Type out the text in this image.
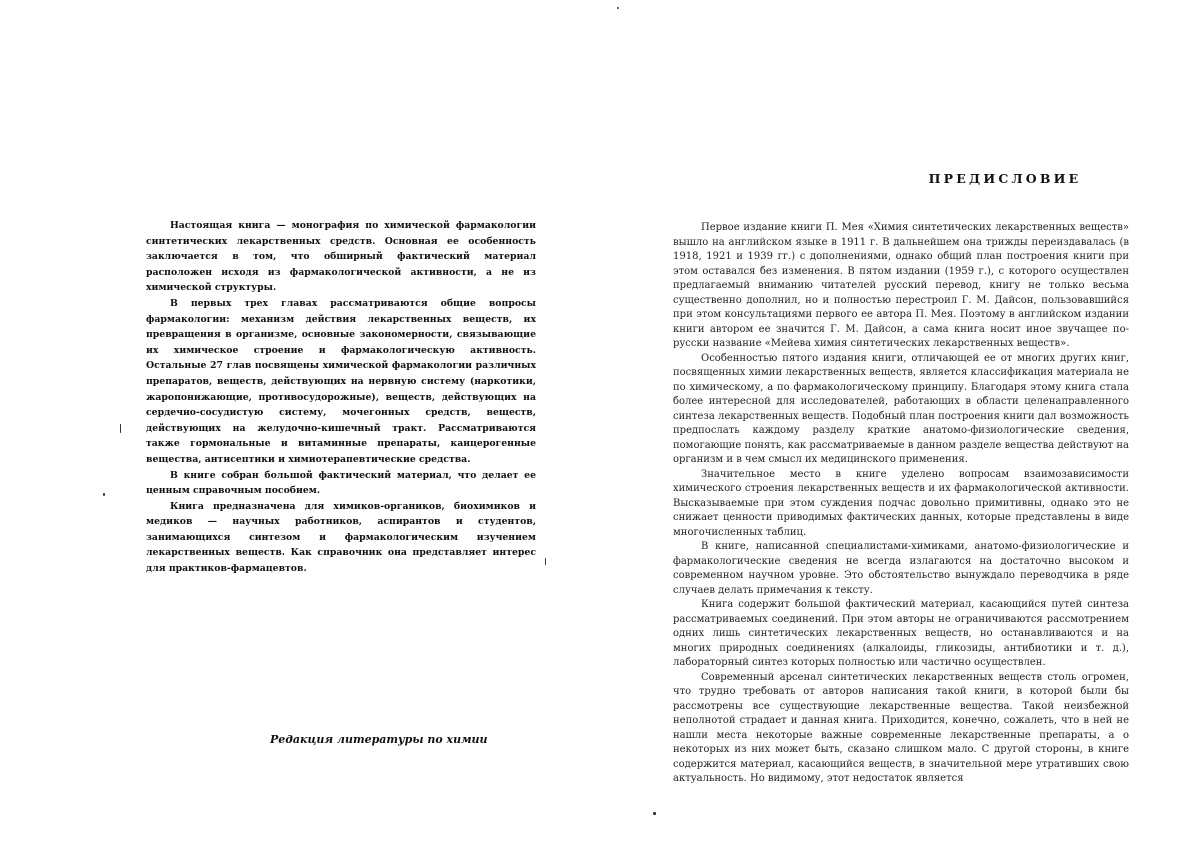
Настоящая книга — монография по химической фармакологии синтетических лекарственных средств. Основная ее особенность заключается в том, что обширный фактический материал расположен исходя из фармакологической активности, а не из химической структуры.

В первых трех главах рассматриваются общие вопросы фармакологии: механизм действия лекарственных веществ, их превращения в организме, основные закономерности, связывающие их химическое строение и фармакологическую активность. Остальные 27 глав посвящены химической фармакологии различных препаратов, веществ, действующих на нервную систему (наркотики, жаропонижающие, противосудорожные), веществ, действующих на сердечно-сосудистую систему, мочегонных средств, веществ, действующих на желудочно-кишечный тракт. Рассматриваются также гормональные и витаминные препараты, канцерогенные вещества, антисептики и химиотерапевтические средства.

В книге собран большой фактический материал, что делает ее ценным справочным пособием.

Книга предназначена для химиков-органиков, биохимиков и медиков — научных работников, аспирантов и студентов, занимающихся синтезом и фармакологическим изучением лекарственных веществ. Как справочник она представляет интерес для практиков-фармацевтов.

Редакция литературы по химии
ПРЕДИСЛОВИЕ

Первое издание книги П. Мея «Химия синтетических лекарственных веществ» вышло на английском языке в 1911 г. В дальнейшем она трижды переиздавалась (в 1918, 1921 и 1939 гг.) с дополнениями, однако общий план построения книги при этом оставался без изменения. В пятом издании (1959 г.), с которого осуществлен предлагаемый вниманию читателей русский перевод, книгу не только весьма существенно дополнил, но и полностью перестроил Г. М. Дайсон, пользовавшийся при этом консультациями первого ее автора П. Мея. Поэтому в английском издании книги автором ее значится Г. М. Дайсон, а сама книга носит иное звучащее по-русски название «Мейева химия синтетических лекарственных веществ».

Особенностью пятого издания книги, отличающей ее от многих других книг, посвященных химии лекарственных веществ, является классификация материала не по химическому, а по фармакологическому принципу. Благодаря этому книга стала более интересной для исследователей, работающих в области целенаправленного синтеза лекарственных веществ. Подобный план построения книги дал возможность предпослать каждому разделу краткие анатомо-физиологические сведения, помогающие понять, как рассматриваемые в данном разделе вещества действуют на организм и в чем смысл их медицинского применения.

Значительное место в книге уделено вопросам взаимозависимости химического строения лекарственных веществ и их фармакологической активности. Высказываемые при этом суждения подчас довольно примитивны, однако это не снижает ценности приводимых фактических данных, которые представлены в виде многочисленных таблиц.

В книге, написанной специалистами-химиками, анатомо-физиологические и фармакологические сведения не всегда излагаются на достаточно высоком и современном научном уровне. Это обстоятельство вынуждало переводчика в ряде случаев делать примечания к тексту.

Книга содержит большой фактический материал, касающийся путей синтеза рассматриваемых соединений. При этом авторы не ограничиваются рассмотрением одних лишь синтетических лекарственных веществ, но останавливаются и на многих природных соединениях (алкалоиды, гликозиды, антибиотики и т. д.), лабораторный синтез которых полностью или частично осуществлен.

Современный арсенал синтетических лекарственных веществ столь огромен, что трудно требовать от авторов написания такой книги, в которой были бы рассмотрены все существующие лекарственные вещества. Такой неизбежной неполнотой страдает и данная книга. Приходится, конечно, сожалеть, что в ней не нашли места некоторые важные современные лекарственные препараты, а о некоторых из них может быть, сказано слишком мало. С другой стороны, в книге содержится материал, касающийся веществ, в значительной мере утративших свою актуальность. Но видимому, этот недостаток является
